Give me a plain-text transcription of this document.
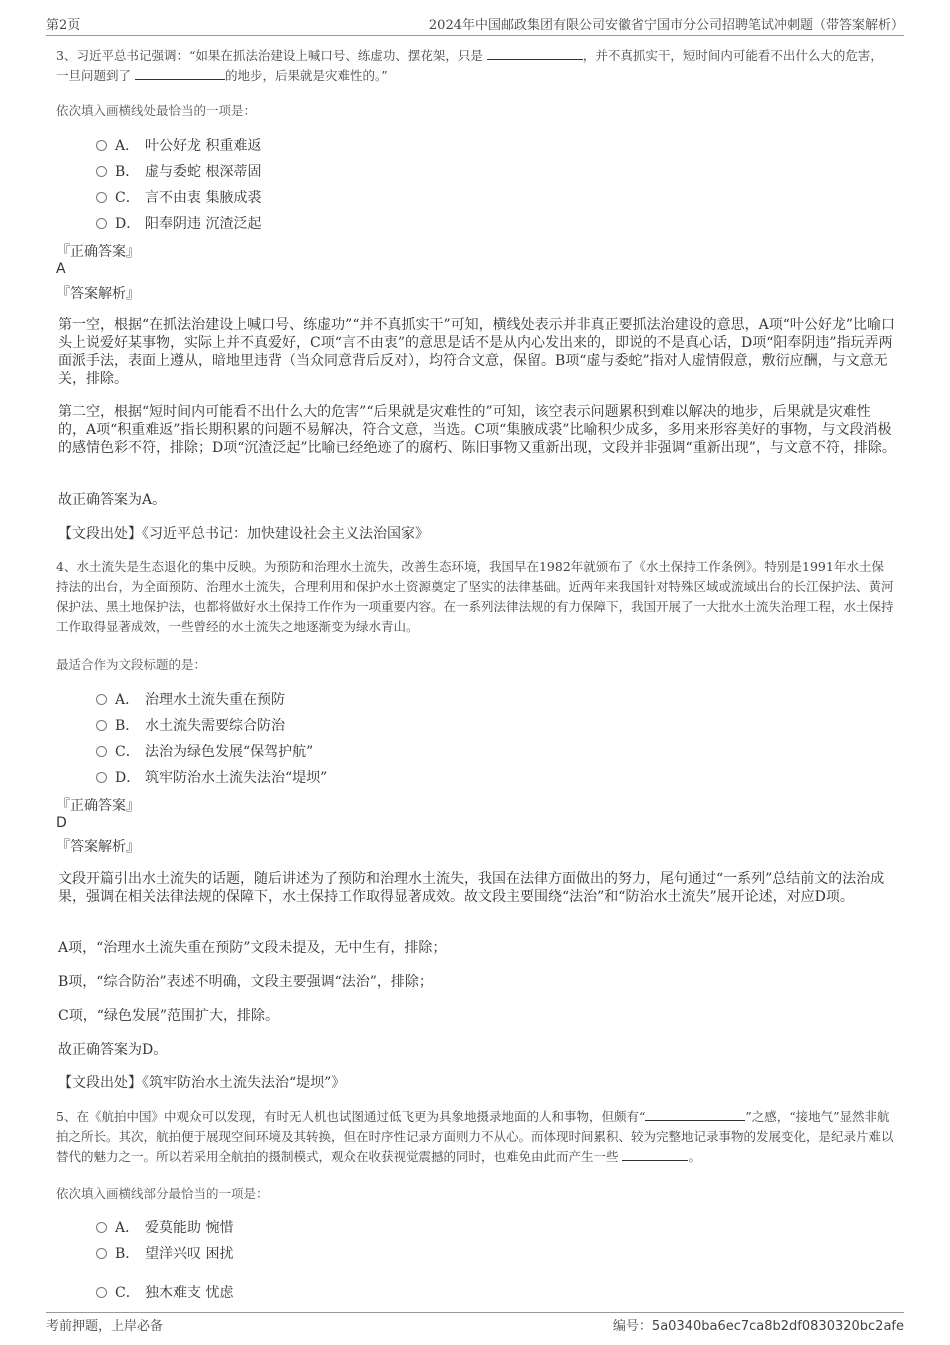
第2页	2024年中国邮政集团有限公司安徽省宁国市分公司招聘笔试冲刺题（带答案解析）
3、习近平总书记强调：“如果在抓法治建设上喊口号、练虚功、摆花架，只是	，并不真抓实干，短时间内可能看不出什么大的危害，一旦问题到了	的地步，后果就是灾难性的。”
依次填入画横线处最恰当的一项是：
A． 叶公好龙 积重难返
B． 虚与委蛇 根深蒂固
C． 言不由衷 集腋成裘
D． 阳奉阴违 沉渣泛起
『正确答案』
A
『答案解析』
第一空，根据“在抓法治建设上喊口号、练虚功”“并不真抓实干”可知，横线处表示并非真正要抓法治建设的意思，A项“叶公好龙”比喻口头上说爱好某事物，实际上并不真爱好，C项“言不由衷”的意思是话不是从内心发出来的，即说的不是真心话，D项“阳奉阴违”指玩弄两面派手法，表面上遵从，暗地里违背（当众同意背后反对），均符合文意，保留。B项“虚与委蛇”指对人虚情假意，敷衍应酬，与文意无关，排除。
第二空，根据“短时间内可能看不出什么大的危害”“后果就是灾难性的”可知，该空表示问题累积到难以解决的地步，后果就是灾难性的，A项“积重难返”指长期积累的问题不易解决，符合文意，当选。C项“集腋成裘”比喻积少成多，多用来形容美好的事物，与文段消极的感情色彩不符，排除；D项“沉渣泛起”比喻已经绝迹了的腐朽、陈旧事物又重新出现，文段并非强调“重新出现”，与文意不符，排除。
故正确答案为A。
【文段出处】《习近平总书记：加快建设社会主义法治国家》
4、水土流失是生态退化的集中反映。为预防和治理水土流失，改善生态环境，我国早在1982年就颁布了《水土保持工作条例》。特别是1991年水土保持法的出台，为全面预防、治理水土流失，合理利用和保护水土资源奠定了坚实的法律基础。近两年来我国针对特殊区域或流域出台的长江保护法、黄河保护法、黑土地保护法，也都将做好水土保持工作作为一项重要内容。在一系列法律法规的有力保障下，我国开展了一大批水土流失治理工程，水土保持工作取得显著成效，一些曾经的水土流失之地逐渐变为绿水青山。
最适合作为文段标题的是：
A． 治理水土流失重在预防
B． 水土流失需要综合防治
C． 法治为绿色发展“保驾护航”
D． 筑牢防治水土流失法治“堤坝”
『正确答案』
D
『答案解析』
文段开篇引出水土流失的话题，随后讲述为了预防和治理水土流失，我国在法律方面做出的努力，尾句通过“一系列”总结前文的法治成果，强调在相关法律法规的保障下，水土保持工作取得显著成效。故文段主要围绕“法治”和“防治水土流失”展开论述，对应D项。
A项，“治理水土流失重在预防”文段未提及，无中生有，排除；
B项，“综合防治”表述不明确，文段主要强调“法治”，排除；
C项，“绿色发展”范围扩大，排除。
故正确答案为D。
【文段出处】《筑牢防治水土流失法治“堤坝”》
5、在《航拍中国》中观众可以发现，有时无人机也试图通过低飞更为具象地摄录地面的人和事物，但颇有“	”之感，“接地气”显然非航拍之所长。其次，航拍便于展现空间环境及其转换，但在时序性记录方面则力不从心。而体现时间累积、较为完整地记录事物的发展变化，是纪录片难以替代的魅力之一。所以若采用全航拍的摄制模式，观众在收获视觉震撼的同时，也难免由此而产生一些	。
依次填入画横线部分最恰当的一项是：
A． 爱莫能助 惋惜
B． 望洋兴叹 困扰
C． 独木难支 忧虑
考前押题，上岸必备	编号：5a0340ba6ec7ca8b2df0830320bc2afe
